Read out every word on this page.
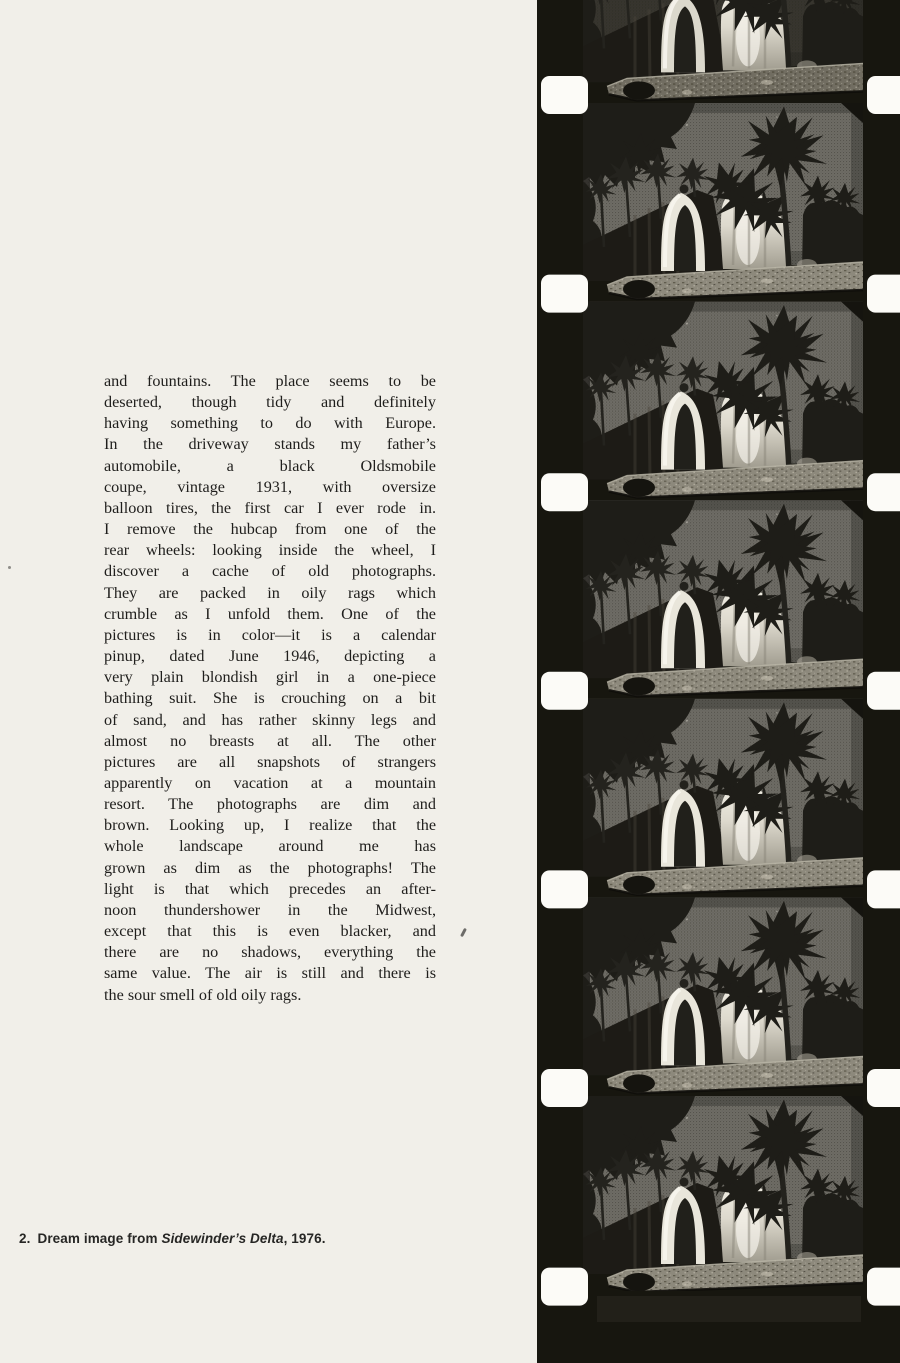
and fountains. The place seems to be
deserted, though tidy and definitely
having something to do with Europe.
In the driveway stands my father’s
automobile, a black Oldsmobile
coupe, vintage 1931, with oversize
balloon tires, the first car I ever rode in.
I remove the hubcap from one of the
rear wheels: looking inside the wheel, I
discover a cache of old photographs.
They are packed in oily rags which
crumble as I unfold them. One of the
pictures is in color—it is a calendar
pinup, dated June 1946, depicting a
very plain blondish girl in a one-piece
bathing suit. She is crouching on a bit
of sand, and has rather skinny legs and
almost no breasts at all. The other
pictures are all snapshots of strangers
apparently on vacation at a mountain
resort. The photographs are dim and
brown. Looking up, I realize that the
whole landscape around me has
grown as dim as the photographs! The
light is that which precedes an after-
noon thundershower in the Midwest,
except that this is even blacker, and
there are no shadows, everything the
same value. The air is still and there is
the sour smell of old oily rags.
2. Dream image from Sidewinder’s Delta, 1976.
